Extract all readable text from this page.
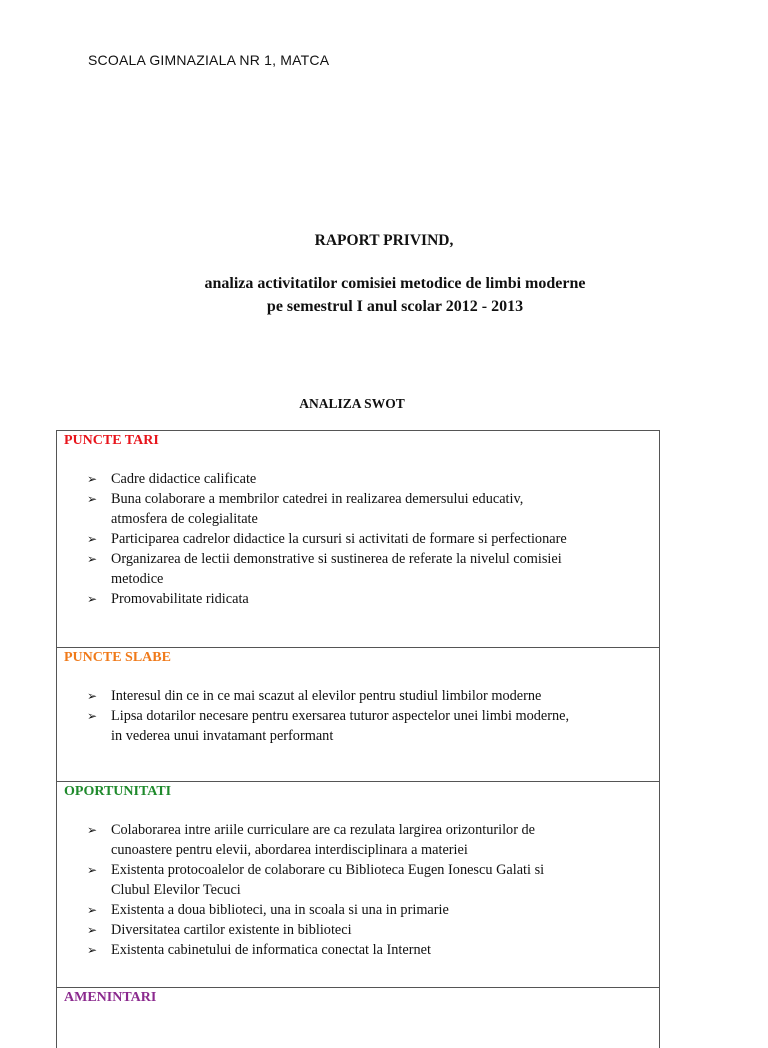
SCOALA GIMNAZIALA NR 1, MATCA
RAPORT PRIVIND,
analiza activitatilor comisiei metodice de limbi moderne
pe semestrul I anul scolar 2012 - 2013
ANALIZA SWOT
PUNCTE TARI
➢ Cadre didactice calificate
➢ Buna colaborare a membrilor catedrei in realizarea demersului educativ,
atmosfera de colegialitate
➢ Participarea cadrelor didactice la cursuri si activitati de formare si perfectionare
➢ Organizarea de lectii demonstrative si sustinerea de referate la nivelul comisiei
metodice
➢ Promovabilitate ridicata
PUNCTE SLABE
➢ Interesul din ce in ce mai scazut al elevilor pentru studiul limbilor moderne
➢ Lipsa dotarilor necesare pentru exersarea tuturor aspectelor unei limbi moderne,
in vederea unui invatamant performant
OPORTUNITATI
➢ Colaborarea intre ariile curriculare are ca rezulata largirea orizonturilor de
cunoastere pentru elevii, abordarea interdisciplinara a materiei
➢ Existenta protocoalelor de colaborare cu Biblioteca Eugen Ionescu Galati si
Clubul Elevilor Tecuci
➢ Existenta a doua biblioteci, una in scoala si una in primarie
➢ Diversitatea cartilor existente in biblioteci
➢ Existenta cabinetului de informatica conectat la Internet
AMENINTARI
